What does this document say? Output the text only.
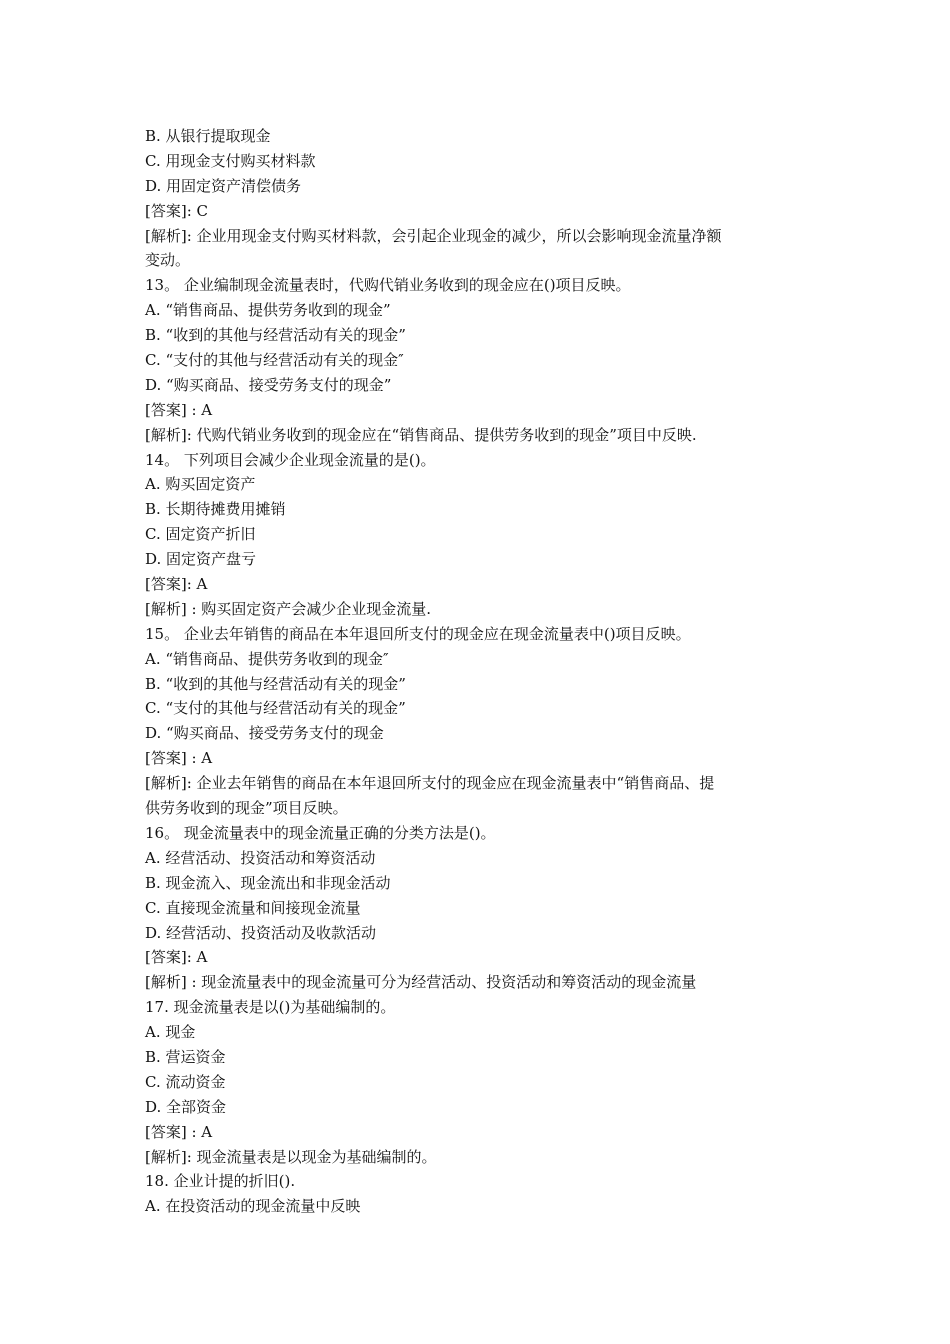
B. 从银行提取现金
C. 用现金支付购买材料款
D. 用固定资产清偿债务
[答案]: C
[解析]: 企业用现金支付购买材料款，会引起企业现金的减少，所以会影响现金流量净额
变动。
13。 企业编制现金流量表时，代购代销业务收到的现金应在()项目反映。
A. “销售商品、提供劳务收到的现金”
B. “收到的其他与经营活动有关的现金”
C. “支付的其他与经营活动有关的现金″
D. “购买商品、接受劳务支付的现金”
[答案] : A
[解析]: 代购代销业务收到的现金应在“销售商品、提供劳务收到的现金”项目中反映.
14。 下列项目会减少企业现金流量的是()。
A. 购买固定资产
B. 长期待摊费用摊销
C. 固定资产折旧
D. 固定资产盘亏
[答案]: A
[解析] : 购买固定资产会减少企业现金流量.
15。 企业去年销售的商品在本年退回所支付的现金应在现金流量表中()项目反映。
A. “销售商品、提供劳务收到的现金″
B. “收到的其他与经营活动有关的现金”
C. “支付的其他与经营活动有关的现金”
D. “购买商品、接受劳务支付的现金
[答案] : A
[解析]: 企业去年销售的商品在本年退回所支付的现金应在现金流量表中“销售商品、提
供劳务收到的现金”项目反映。
16。 现金流量表中的现金流量正确的分类方法是()。
A. 经营活动、投资活动和筹资活动
B. 现金流入、现金流出和非现金活动
C. 直接现金流量和间接现金流量
D. 经营活动、投资活动及收款活动
[答案]: A
[解析] : 现金流量表中的现金流量可分为经营活动、投资活动和筹资活动的现金流量
17. 现金流量表是以()为基础编制的。
A. 现金
B. 营运资金
C. 流动资金
D. 全部资金
[答案] : A
[解析]: 现金流量表是以现金为基础编制的。
18. 企业计提的折旧().
A. 在投资活动的现金流量中反映
